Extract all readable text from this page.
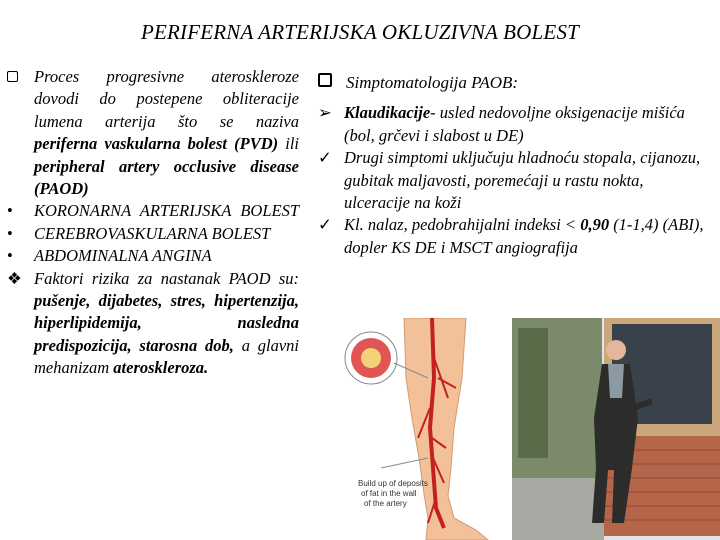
PERIFERNA ARTERIJSKA OKLUZIVNA BOLEST
Proces progresivne ateroskleroze
dovodi do postepene obliteracije
lumena arterija što se naziva
periferna vaskularna bolest (PVD) ili peripheral artery occlusive disease (PAOD)
•	KORONARNA ARTERIJSKA BOLEST
•	CEREBROVASKULARNA BOLEST
•	ABDOMINALNA ANGINA
❖ Faktori rizika za nastanak PAOD su: pušenje, dijabetes, stres, hipertenzija, hiperlipidemija, nasledna predispozicija, starosna dob, a glavni mehanizam ateroskleroza.
Simptomatologija PAOB:
➢ Klaudikacije- usled nedovoljne oksigenacije mišića (bol, grčevi i slabost u DE)
✓ Drugi simptomi uključuju hladnoću stopala, cijanozu, gubitak maljavosti, poremećaji u rastu nokta, ulceracije na koži
✓ Kl. nalaz, pedobrahijalni indeksi < 0,90 (1-1,4) (ABI), dopler KS DE i MSCT angiografija
Build up of deposits of fat in the wall of the artery
